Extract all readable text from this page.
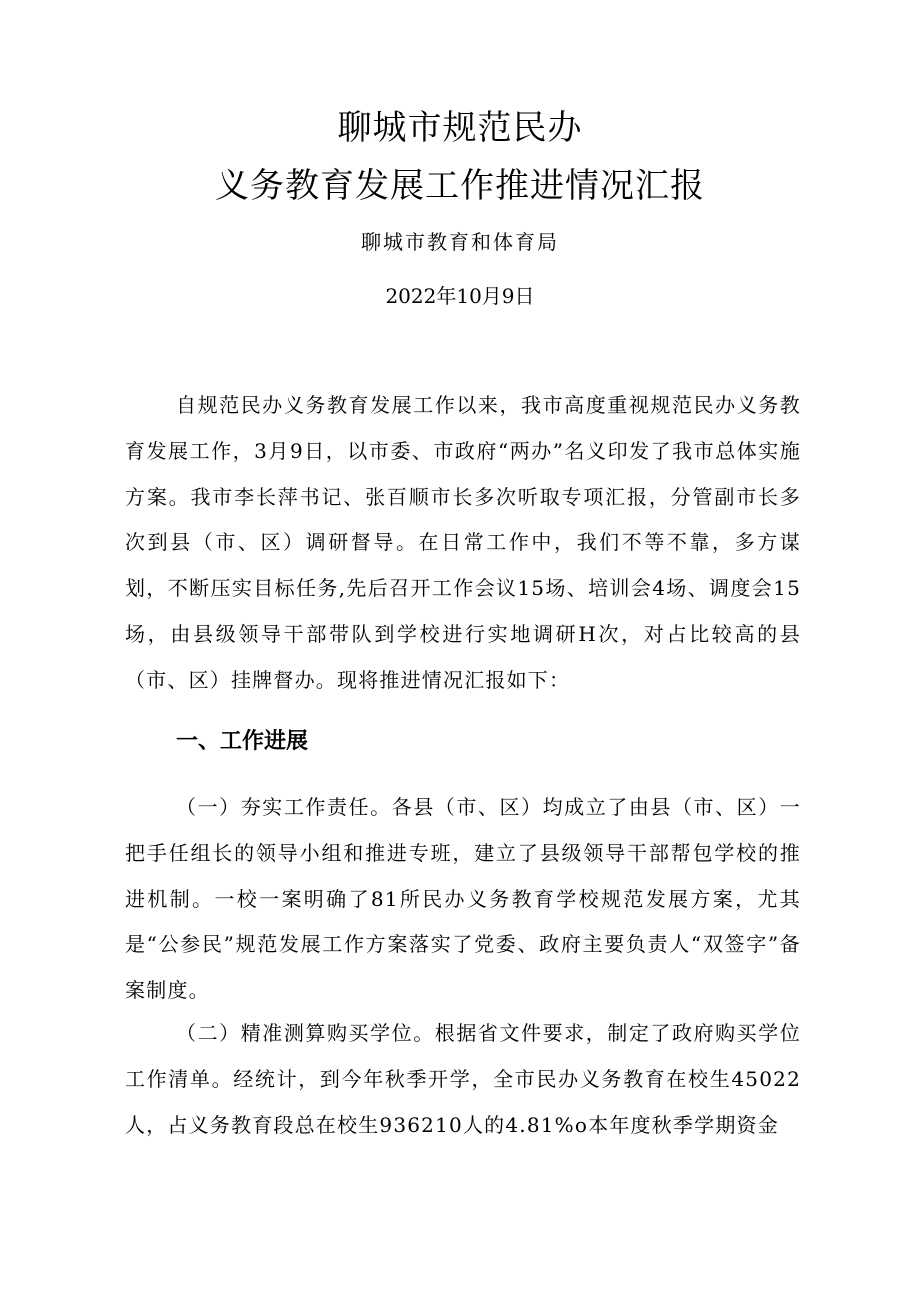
聊城市规范民办
义务教育发展工作推进情况汇报

聊城市教育和体育局

2022年10月9日

自规范民办义务教育发展工作以来，我市高度重视规范民办义务教育发展工作，3月9日，以市委、市政府“两办”名义印发了我市总体实施方案。我市李长萍书记、张百顺市长多次听取专项汇报，分管副市长多次到县（市、区）调研督导。在日常工作中，我们不等不靠，多方谋划，不断压实目标任务,先后召开工作会议15场、培训会4场、调度会15场，由县级领导干部带队到学校进行实地调研H次，对占比较高的县（市、区）挂牌督办。现将推进情况汇报如下：

一、工作进展

（一）夯实工作责任。各县（市、区）均成立了由县（市、区）一把手任组长的领导小组和推进专班，建立了县级领导干部帮包学校的推进机制。一校一案明确了81所民办义务教育学校规范发展方案，尤其是“公参民”规范发展工作方案落实了党委、政府主要负责人“双签字”备案制度。

（二）精准测算购买学位。根据省文件要求，制定了政府购买学位工作清单。经统计，到今年秋季开学，全市民办义务教育在校生45022人，占义务教育段总在校生936210人的4.81%o本年度秋季学期资金
